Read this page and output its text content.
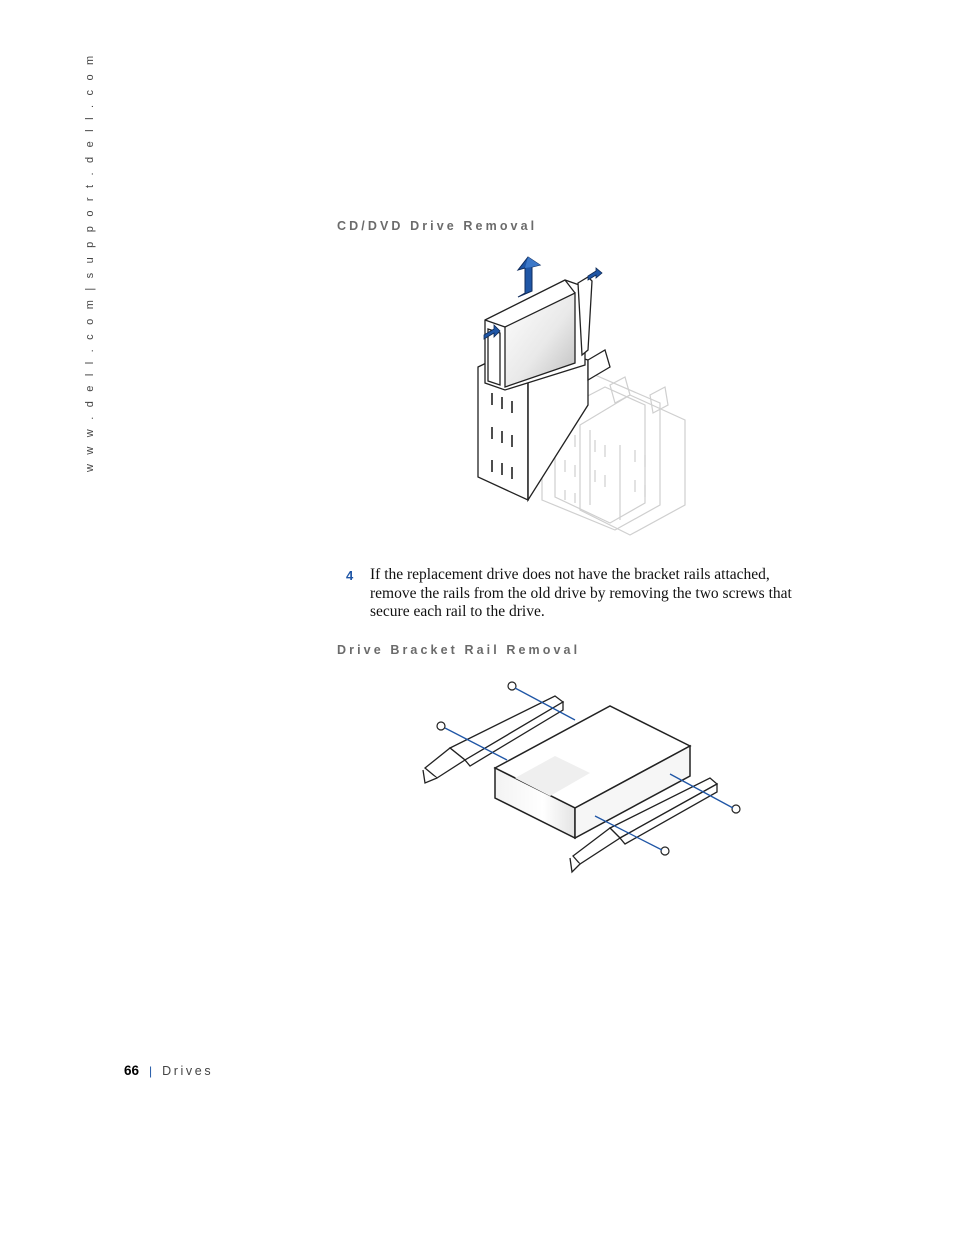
w w w . d e l l . c o m | s u p p o r t . d e l l . c o m	CD/DVD Drive Removal
4 If the replacement drive does not have the bracket rails attached, remove the rails from the old drive by removing the two screws that secure each rail to the drive.
Drive Bracket Rail Removal
66 | Drives
